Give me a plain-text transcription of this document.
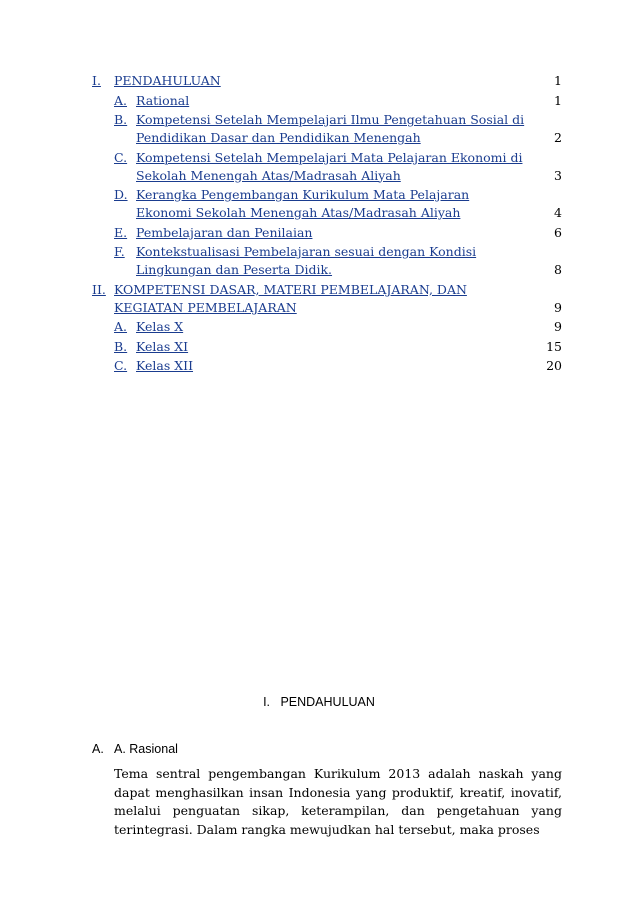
I. PENDAHULUAN	1
A. Rational	1
B. Kompetensi Setelah Mempelajari Ilmu Pengetahuan Sosial di Pendidikan Dasar dan Pendidikan Menengah	2
C. Kompetensi Setelah Mempelajari Mata Pelajaran Ekonomi di Sekolah Menengah Atas/Madrasah Aliyah	3
D. Kerangka Pengembangan Kurikulum Mata Pelajaran Ekonomi Sekolah Menengah Atas/Madrasah Aliyah	4
E. Pembelajaran dan Penilaian	6
F. Kontekstualisasi Pembelajaran sesuai dengan Kondisi Lingkungan dan Peserta Didik.	8
II. KOMPETENSI DASAR, MATERI PEMBELAJARAN, DAN KEGIATAN PEMBELAJARAN	9
A. Kelas X	9
B. Kelas XI	15
C. Kelas XII	20
I.   PENDAHULUAN
A. A. Rasional
Tema sentral pengembangan Kurikulum 2013 adalah naskah yang dapat menghasilkan insan Indonesia yang produktif, kreatif, inovatif, melalui penguatan sikap, keterampilan, dan pengetahuan yang terintegrasi. Dalam rangka mewujudkan hal tersebut, maka proses
